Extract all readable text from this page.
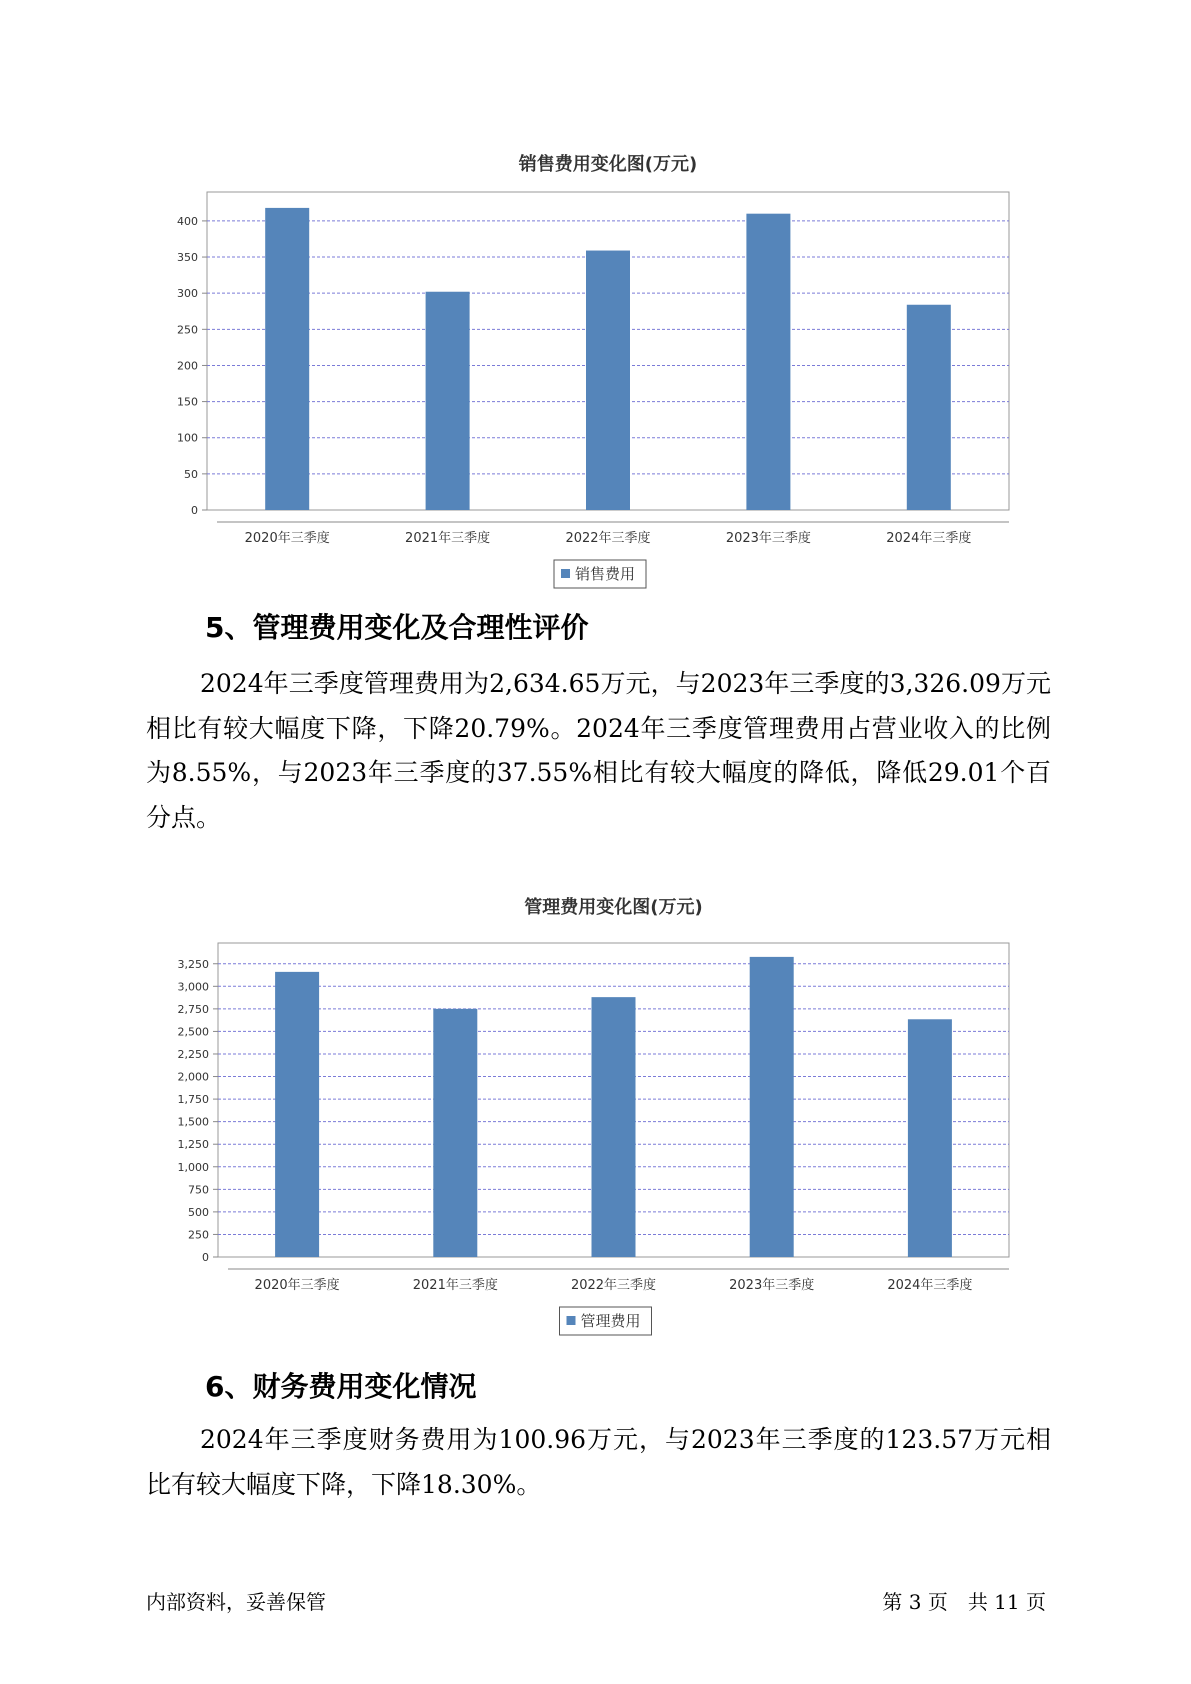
销售费用变化图(万元)
0
50
100
150
200
250
300
350
400
2020年三季度	2021年三季度	2022年三季度	2023年三季度	2024年三季度
销售费用
5、管理费用变化及合理性评价

2024年三季度管理费用为2,634.65万元，与2023年三季度的3,326.09万元相比有较大幅度下降，下降20.79%。2024年三季度管理费用占营业收入的比例为8.55%，与2023年三季度的37.55%相比有较大幅度的降低，降低29.01个百分点。

管理费用变化图(万元)
0
250
500
750
1,000
1,250
1,500
1,750
2,000
2,250
2,500
2,750
3,000
3,250
2020年三季度	2021年三季度	2022年三季度	2023年三季度	2024年三季度
管理费用
6、财务费用变化情况

2024年三季度财务费用为100.96万元，与2023年三季度的123.57万元相比有较大幅度下降，下降18.30%。

内部资料，妥善保管	第 3 页　共 11 页
